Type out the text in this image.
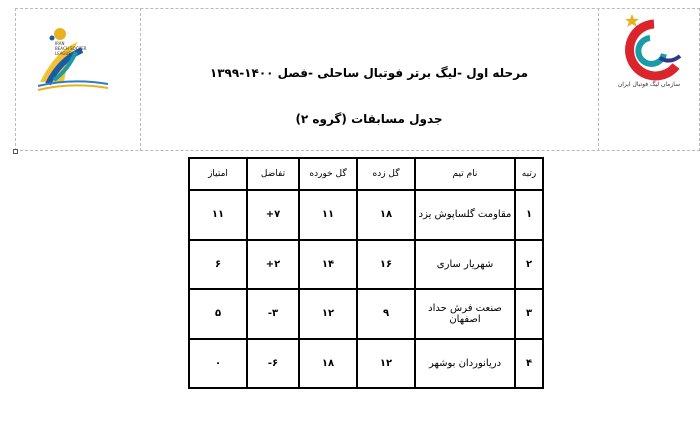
IRAN
BEACH SOCCER
LEAGUE
سازمان لیگ فوتبال ایران
مرحله اول -لیگ برتر فوتبال ساحلی -فصل ۱۴۰۰-۱۳۹۹
جدول مسابقات (گروه ۲)
رتبه	نام تیم	گل زده	گل خورده	تفاضل	امتیاز
۱	مقاومت گلساپوش یزد	۱۸	۱۱	۷+	۱۱
۲	شهریار ساری	۱۶	۱۴	۲+	۶
۳	صنعت فرش حداد اصفهان	۹	۱۲	۳-	۵
۴	دریانوردان بوشهر	۱۲	۱۸	۶-	۰
